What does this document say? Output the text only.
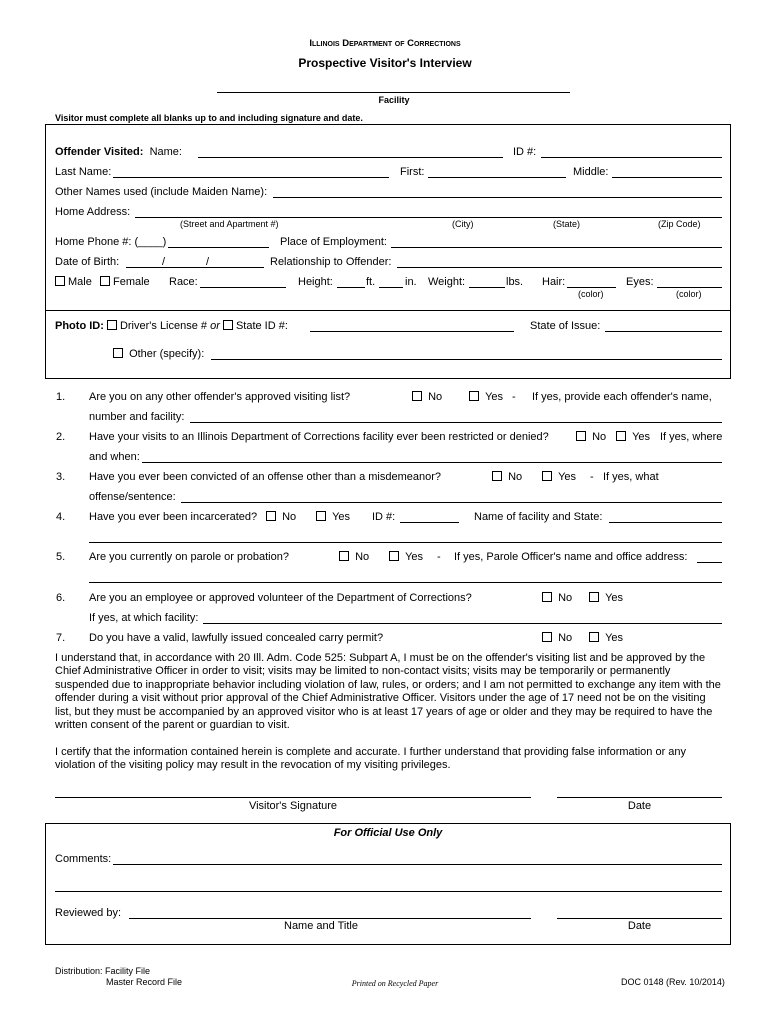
Illinois Department of Corrections
Prospective Visitor's Interview
Facility
Visitor must complete all blanks up to and including signature and date.
Offender Visited: Name:	ID #:
Last Name:	First:	Middle:
Other Names used (include Maiden Name):
Home Address:
(Street and Apartment #)	(City)	(State)	(Zip Code)
Home Phone #: (____)	Place of Employment:
Date of Birth:	/	/	Relationship to Offender:
Male	Female Race:	Height:	ft.	in. Weight:	lbs. Hair:
(color)
Eyes:
(color)
Photo ID: Driver's License # or State ID #:	State of Issue:
Other (specify):
1. Are you on any other offender's approved visiting list?	No	Yes - If yes, provide each offender's name,
number and facility:
2. Have your visits to an Illinois Department of Corrections facility ever been restricted or denied?	No	Yes If yes, where
and when:
3. Have you ever been convicted of an offense other than a misdemeanor?	No	Yes - If yes, what
offense/sentence:
4. Have you ever been incarcerated?	No	Yes ID #:	Name of facility and State:
5. Are you currently on parole or probation?	No	Yes - If yes, Parole Officer's name and office address:
6. Are you an employee or approved volunteer of the Department of Corrections?	No	Yes
If yes, at which facility:
7. Do you have a valid, lawfully issued concealed carry permit?	No	Yes
I understand that, in accordance with 20 Ill. Adm. Code 525: Subpart A, I must be on the offender's visiting list and be approved by the Chief Administrative Officer in order to visit; visits may be limited to non-contact visits; visits may be temporarily or permanently suspended due to inappropriate behavior including violation of law, rules, or orders; and I am not permitted to exchange any item with the offender during a visit without prior approval of the Chief Administrative Officer. Visitors under the age of 17 need not be on the visiting list, but they must be accompanied by an approved visitor who is at least 17 years of age or older and they may be required to have the written consent of the parent or guardian to visit.
I certify that the information contained herein is complete and accurate. I further understand that providing false information or any violation of the visiting policy may result in the revocation of my visiting privileges.
Visitor's Signature	Date
For Official Use Only
Comments:
Reviewed by:
Name and Title	Date
Distribution: Facility File
Master Record File	Printed on Recycled Paper	DOC 0148 (Rev. 10/2014)
